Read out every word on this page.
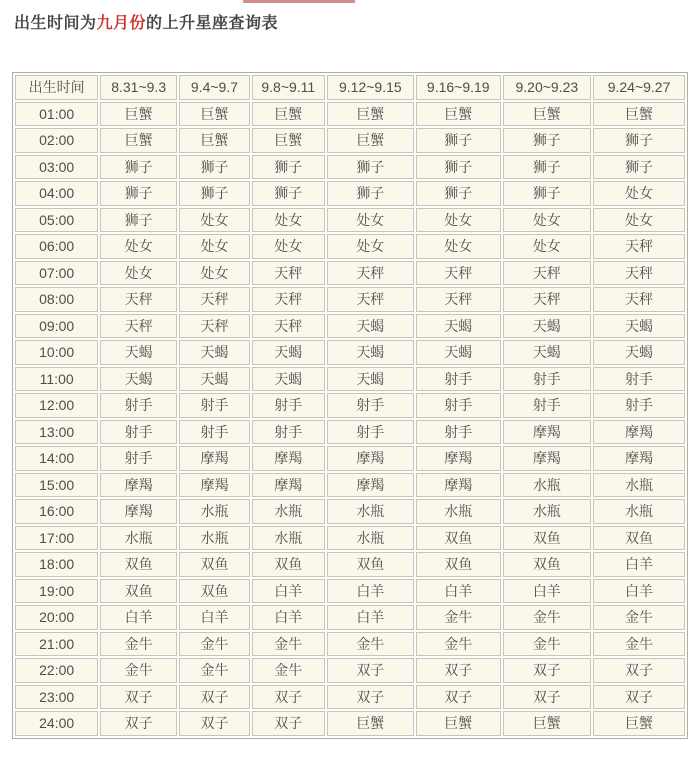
出生时间为九月份的上升星座查询表
出生时间	8.31~9.3	9.4~9.7	9.8~9.11	9.12~9.15	9.16~9.19	9.20~9.23	9.24~9.27
01:00	巨蟹	巨蟹	巨蟹	巨蟹	巨蟹	巨蟹	巨蟹
02:00	巨蟹	巨蟹	巨蟹	巨蟹	狮子	狮子	狮子
03:00	狮子	狮子	狮子	狮子	狮子	狮子	狮子
04:00	狮子	狮子	狮子	狮子	狮子	狮子	处女
05:00	狮子	处女	处女	处女	处女	处女	处女
06:00	处女	处女	处女	处女	处女	处女	天秤
07:00	处女	处女	天秤	天秤	天秤	天秤	天秤
08:00	天秤	天秤	天秤	天秤	天秤	天秤	天秤
09:00	天秤	天秤	天秤	天蝎	天蝎	天蝎	天蝎
10:00	天蝎	天蝎	天蝎	天蝎	天蝎	天蝎	天蝎
11:00	天蝎	天蝎	天蝎	天蝎	射手	射手	射手
12:00	射手	射手	射手	射手	射手	射手	射手
13:00	射手	射手	射手	射手	射手	摩羯	摩羯
14:00	射手	摩羯	摩羯	摩羯	摩羯	摩羯	摩羯
15:00	摩羯	摩羯	摩羯	摩羯	摩羯	水瓶	水瓶
16:00	摩羯	水瓶	水瓶	水瓶	水瓶	水瓶	水瓶
17:00	水瓶	水瓶	水瓶	水瓶	双鱼	双鱼	双鱼
18:00	双鱼	双鱼	双鱼	双鱼	双鱼	双鱼	白羊
19:00	双鱼	双鱼	白羊	白羊	白羊	白羊	白羊
20:00	白羊	白羊	白羊	白羊	金牛	金牛	金牛
21:00	金牛	金牛	金牛	金牛	金牛	金牛	金牛
22:00	金牛	金牛	金牛	双子	双子	双子	双子
23:00	双子	双子	双子	双子	双子	双子	双子
24:00	双子	双子	双子	巨蟹	巨蟹	巨蟹	巨蟹
